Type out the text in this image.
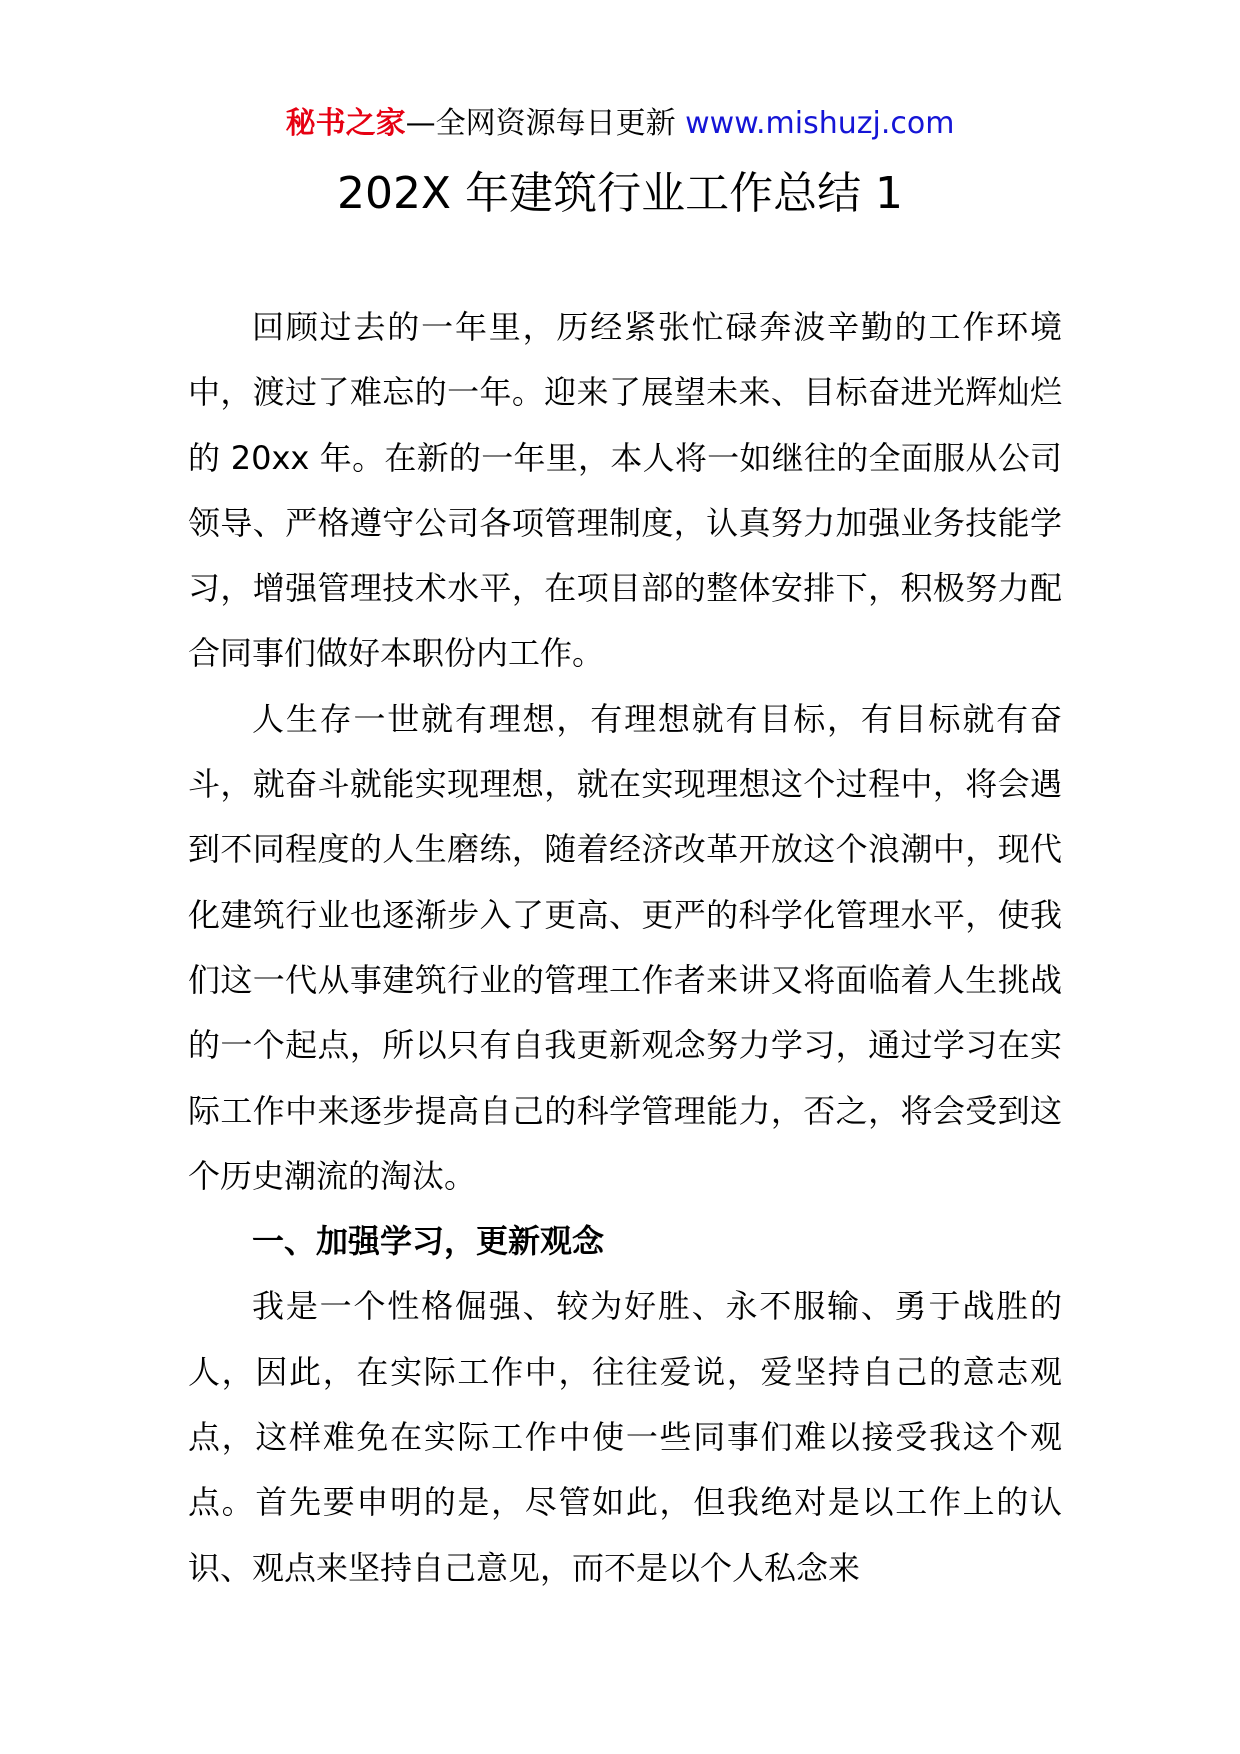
秘书之家—全网资源每日更新 www.mishuzj.com
202X 年建筑行业工作总结 1

回顾过去的一年里，历经紧张忙碌奔波辛勤的工作环境中，渡过了难忘的一年。迎来了展望未来、目标奋进光辉灿烂的 20xx 年。在新的一年里，本人将一如继往的全面服从公司领导、严格遵守公司各项管理制度，认真努力加强业务技能学习，增强管理技术水平，在项目部的整体安排下，积极努力配合同事们做好本职份内工作。

人生存一世就有理想，有理想就有目标，有目标就有奋斗，就奋斗就能实现理想，就在实现理想这个过程中，将会遇到不同程度的人生磨练，随着经济改革开放这个浪潮中，现代化建筑行业也逐渐步入了更高、更严的科学化管理水平，使我们这一代从事建筑行业的管理工作者来讲又将面临着人生挑战的一个起点，所以只有自我更新观念努力学习，通过学习在实际工作中来逐步提高自己的科学管理能力，否之，将会受到这个历史潮流的淘汰。

一、加强学习，更新观念

我是一个性格倔强、较为好胜、永不服输、勇于战胜的人，因此，在实际工作中，往往爱说，爱坚持自己的意志观点，这样难免在实际工作中使一些同事们难以接受我这个观点。首先要申明的是，尽管如此，但我绝对是以工作上的认识、观点来坚持自己意见，而不是以个人私念来
